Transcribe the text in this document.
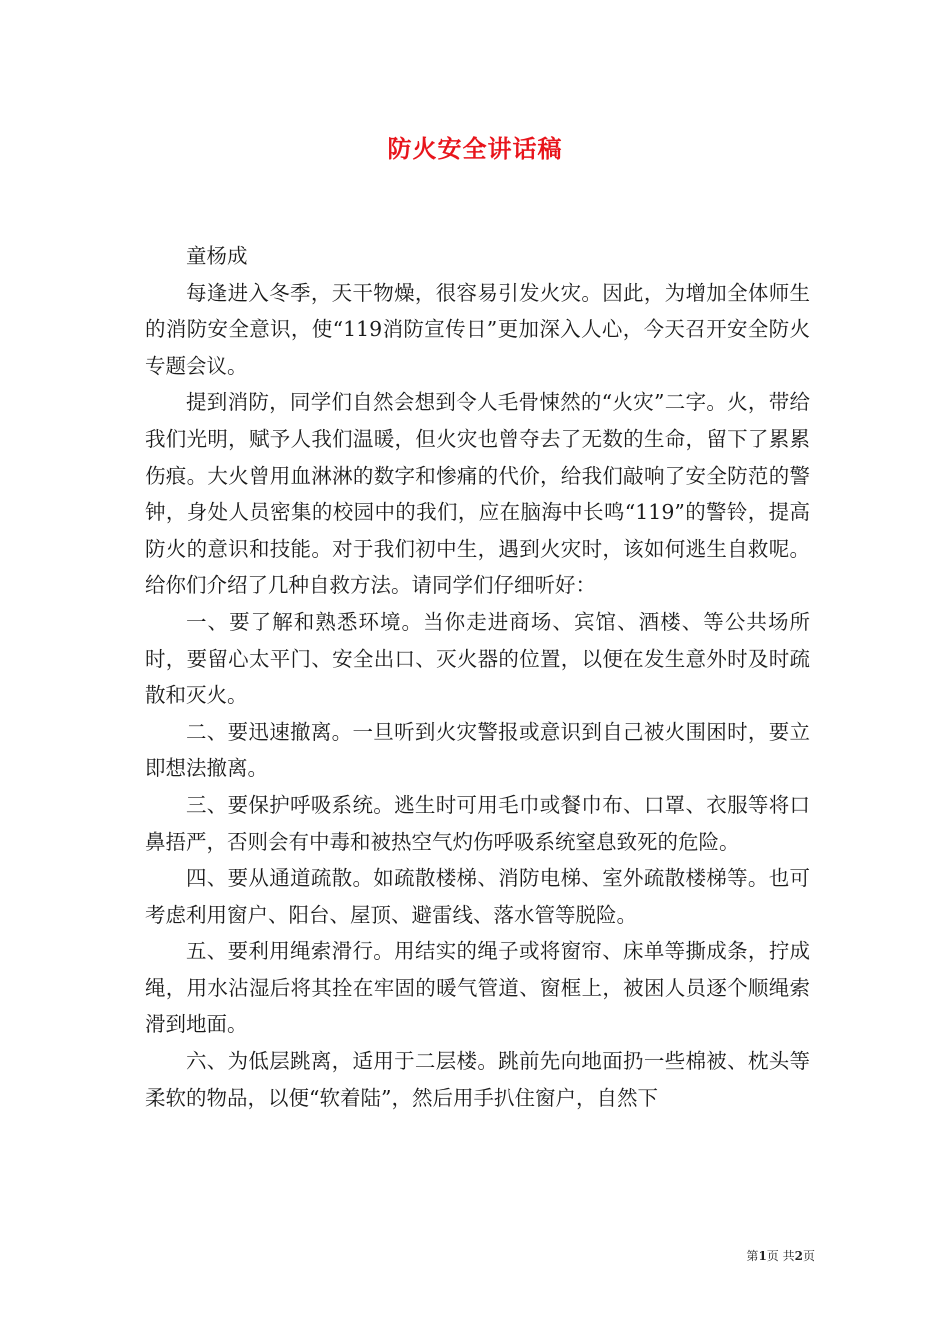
防火安全讲话稿

童杨成

每逢进入冬季，天干物燥，很容易引发火灾。因此，为增加全体师生的消防安全意识，使“119消防宣传日”更加深入人心，今天召开安全防火专题会议。

提到消防，同学们自然会想到令人毛骨悚然的“火灾”二字。火，带给我们光明，赋予人我们温暖，但火灾也曾夺去了无数的生命，留下了累累伤痕。大火曾用血淋淋的数字和惨痛的代价，给我们敲响了安全防范的警钟，身处人员密集的校园中的我们，应在脑海中长鸣“119”的警铃，提高防火的意识和技能。对于我们初中生，遇到火灾时，该如何逃生自救呢。给你们介绍了几种自救方法。请同学们仔细听好：

一、要了解和熟悉环境。当你走进商场、宾馆、酒楼、等公共场所时，要留心太平门、安全出口、灭火器的位置，以便在发生意外时及时疏散和灭火。

二、要迅速撤离。一旦听到火灾警报或意识到自己被火围困时，要立即想法撤离。

三、要保护呼吸系统。逃生时可用毛巾或餐巾布、口罩、衣服等将口鼻捂严，否则会有中毒和被热空气灼伤呼吸系统窒息致死的危险。

四、要从通道疏散。如疏散楼梯、消防电梯、室外疏散楼梯等。也可考虑利用窗户、阳台、屋顶、避雷线、落水管等脱险。

五、要利用绳索滑行。用结实的绳子或将窗帘、床单等撕成条，拧成绳，用水沾湿后将其拴在牢固的暖气管道、窗框上，被困人员逐个顺绳索滑到地面。

六、为低层跳离，适用于二层楼。跳前先向地面扔一些棉被、枕头等柔软的物品，以便“软着陆”，然后用手扒住窗户，自然下

第1页 共2页
